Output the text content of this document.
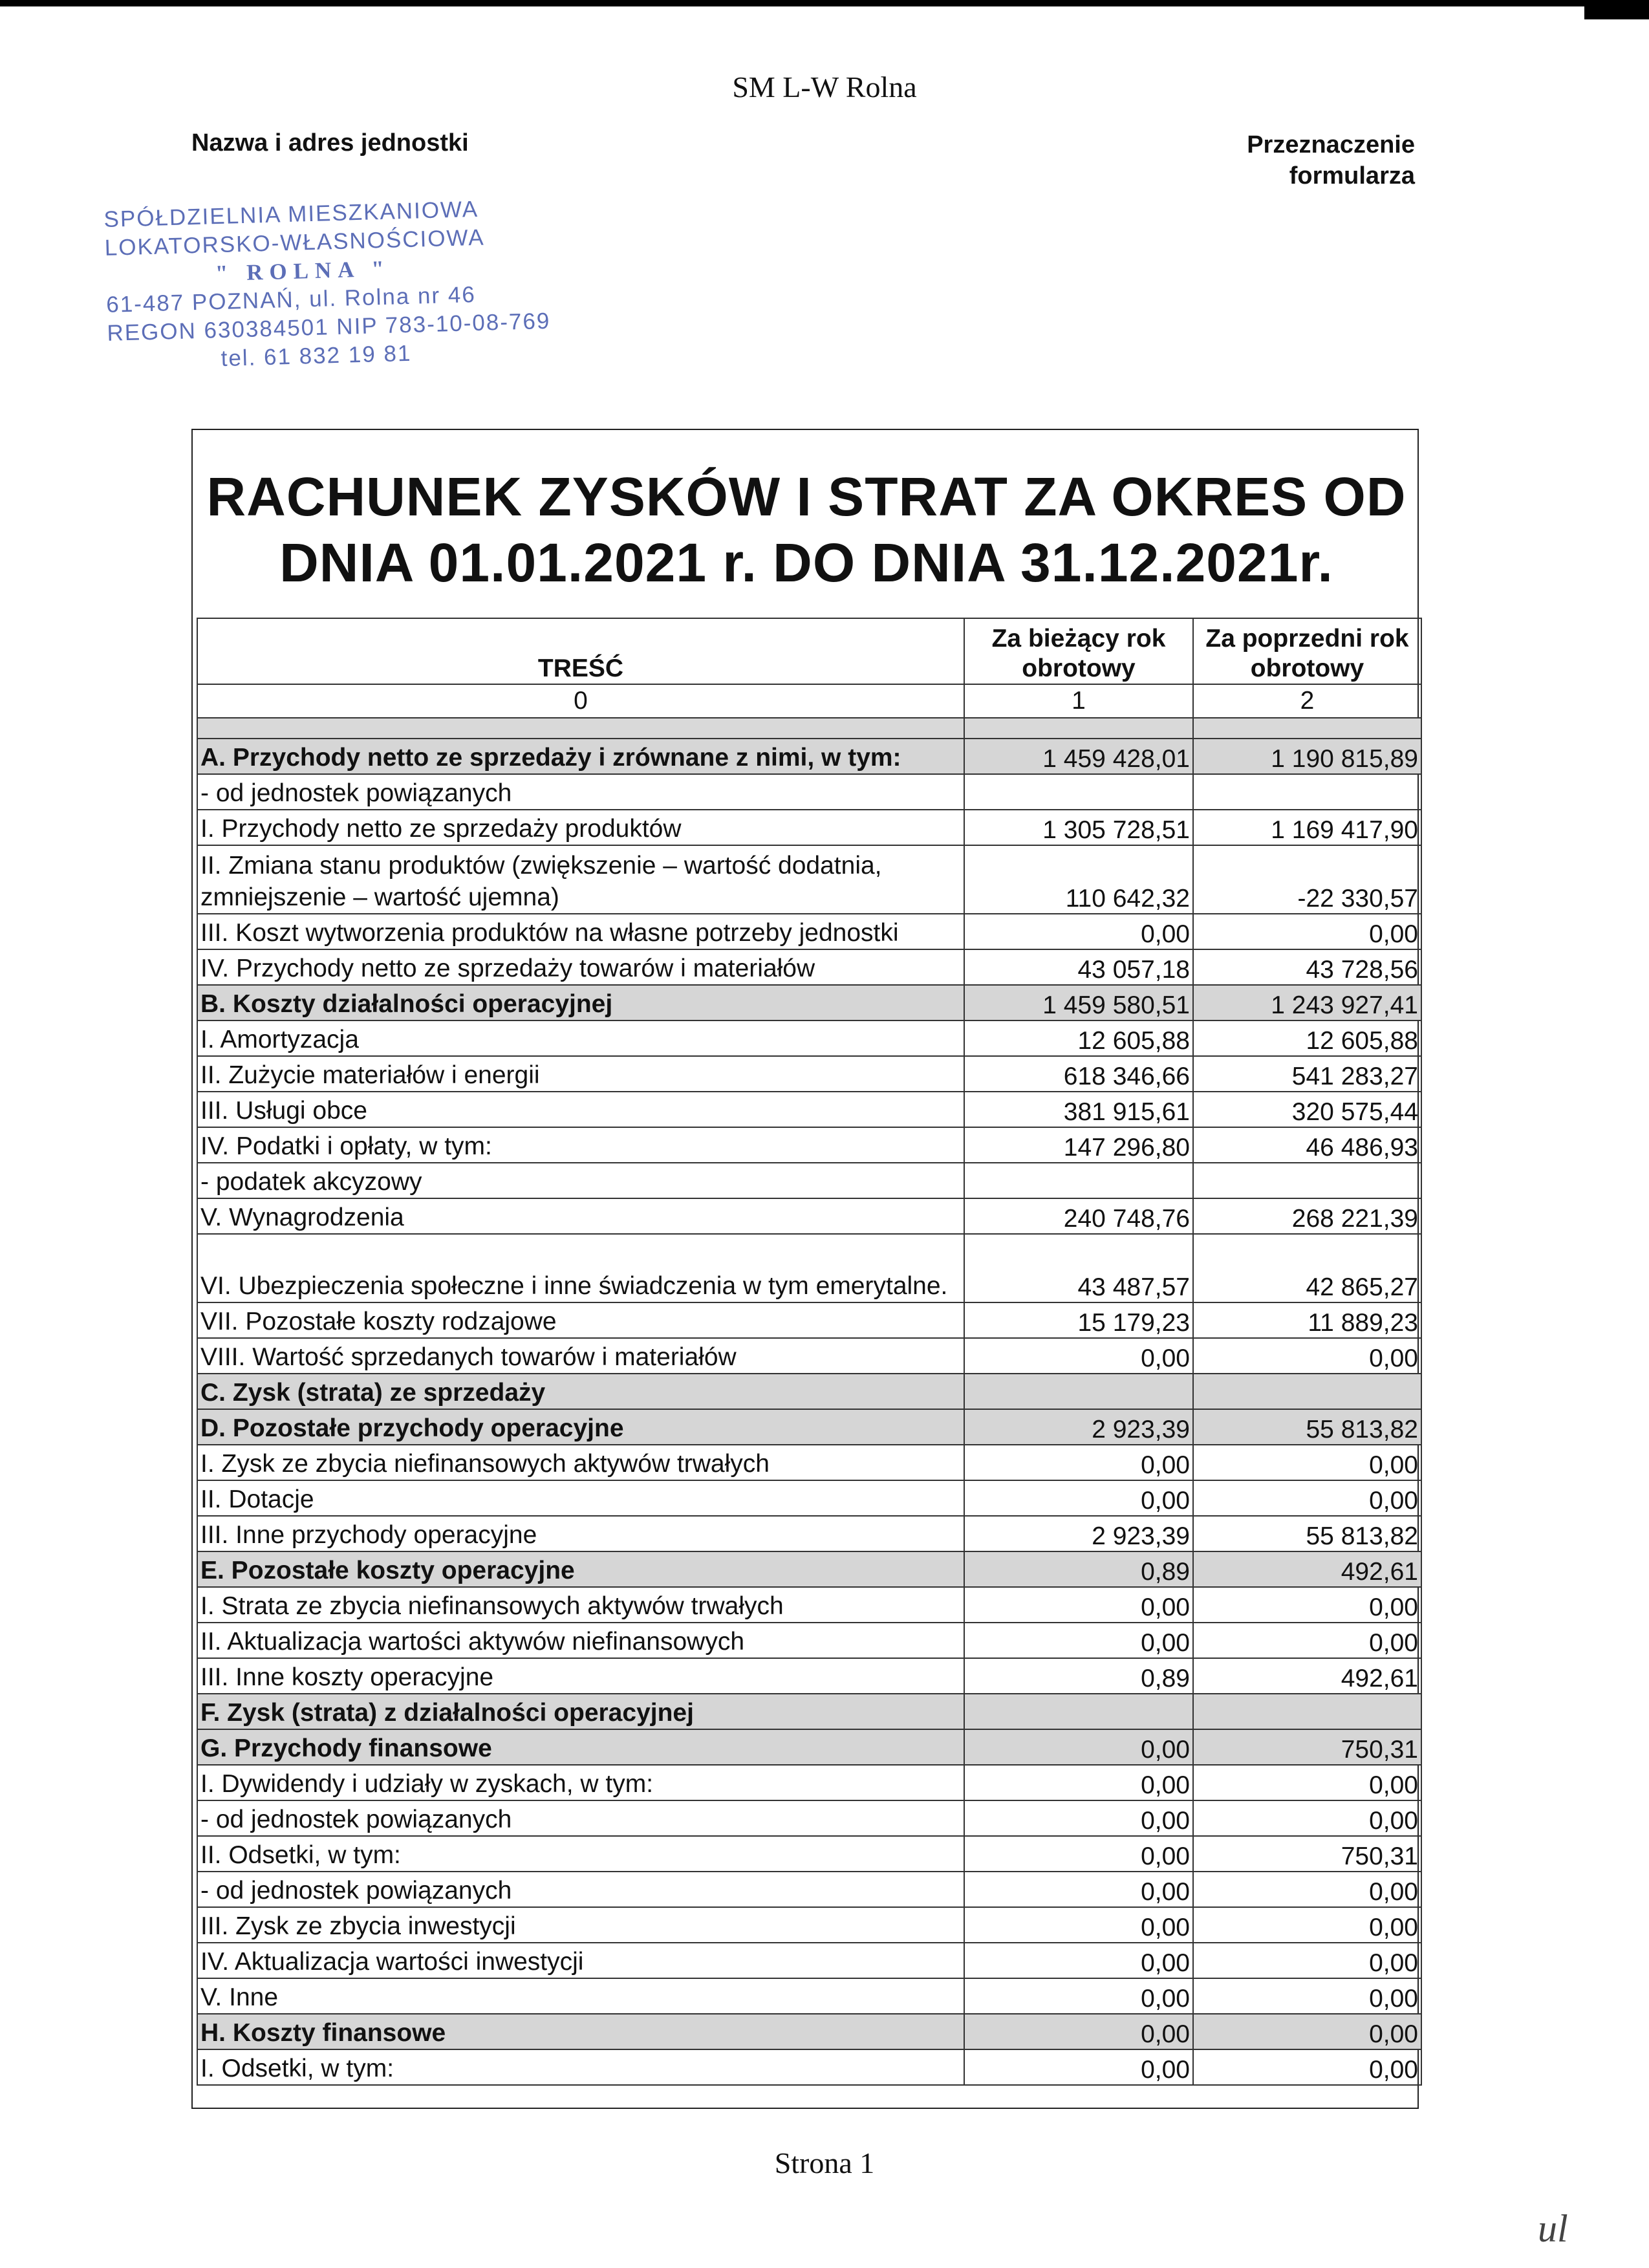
SM L-W Rolna
Nazwa i adres jednostki	Przeznaczenie formularza
SPÓŁDZIELNIA MIESZKANIOWA
LOKATORSKO-WŁASNOŚCIOWA
" ROLNA "
61-487 POZNAŃ, ul. Rolna nr 46
REGON 630384501 NIP 783-10-08-769
tel. 61 832 19 81
RACHUNEK ZYSKÓW I STRAT ZA OKRES OD DNIA 01.01.2021 r. DO DNIA 31.12.2021r.
TREŚĆ	Za bieżący rok obrotowy	Za poprzedni rok obrotowy
0	1	2

A. Przychody netto ze sprzedaży i zrównane z nimi, w tym:	1 459 428,01	1 190 815,89
- od jednostek powiązanych		
I. Przychody netto ze sprzedaży produktów	1 305 728,51	1 169 417,90
II. Zmiana stanu produktów (zwiększenie – wartość dodatnia, zmniejszenie – wartość ujemna)	110 642,32	-22 330,57
III. Koszt wytworzenia produktów na własne potrzeby jednostki	0,00	0,00
IV. Przychody netto ze sprzedaży towarów i materiałów	43 057,18	43 728,56
B. Koszty działalności operacyjnej	1 459 580,51	1 243 927,41
I. Amortyzacja	12 605,88	12 605,88
II. Zużycie materiałów i energii	618 346,66	541 283,27
III. Usługi obce	381 915,61	320 575,44
IV. Podatki i opłaty, w tym:	147 296,80	46 486,93
- podatek akcyzowy		
V. Wynagrodzenia	240 748,76	268 221,39
VI. Ubezpieczenia społeczne i inne świadczenia w tym emerytalne.	43 487,57	42 865,27
VII. Pozostałe koszty rodzajowe	15 179,23	11 889,23
VIII. Wartość sprzedanych towarów i materiałów	0,00	0,00
C. Zysk (strata) ze sprzedaży		
D. Pozostałe przychody operacyjne	2 923,39	55 813,82
I. Zysk ze zbycia niefinansowych aktywów trwałych	0,00	0,00
II. Dotacje	0,00	0,00
III. Inne przychody operacyjne	2 923,39	55 813,82
E. Pozostałe koszty operacyjne	0,89	492,61
I. Strata ze zbycia niefinansowych aktywów trwałych	0,00	0,00
II. Aktualizacja wartości aktywów niefinansowych	0,00	0,00
III. Inne koszty operacyjne	0,89	492,61
F. Zysk (strata) z działalności operacyjnej		
G. Przychody finansowe	0,00	750,31
I. Dywidendy i udziały w zyskach, w tym:	0,00	0,00
- od jednostek powiązanych	0,00	0,00
II. Odsetki, w tym:	0,00	750,31
- od jednostek powiązanych	0,00	0,00
III. Zysk ze zbycia inwestycji	0,00	0,00
IV. Aktualizacja wartości inwestycji	0,00	0,00
V. Inne	0,00	0,00
H. Koszty finansowe	0,00	0,00
I. Odsetki, w tym:	0,00	0,00
Strona 1
ul
